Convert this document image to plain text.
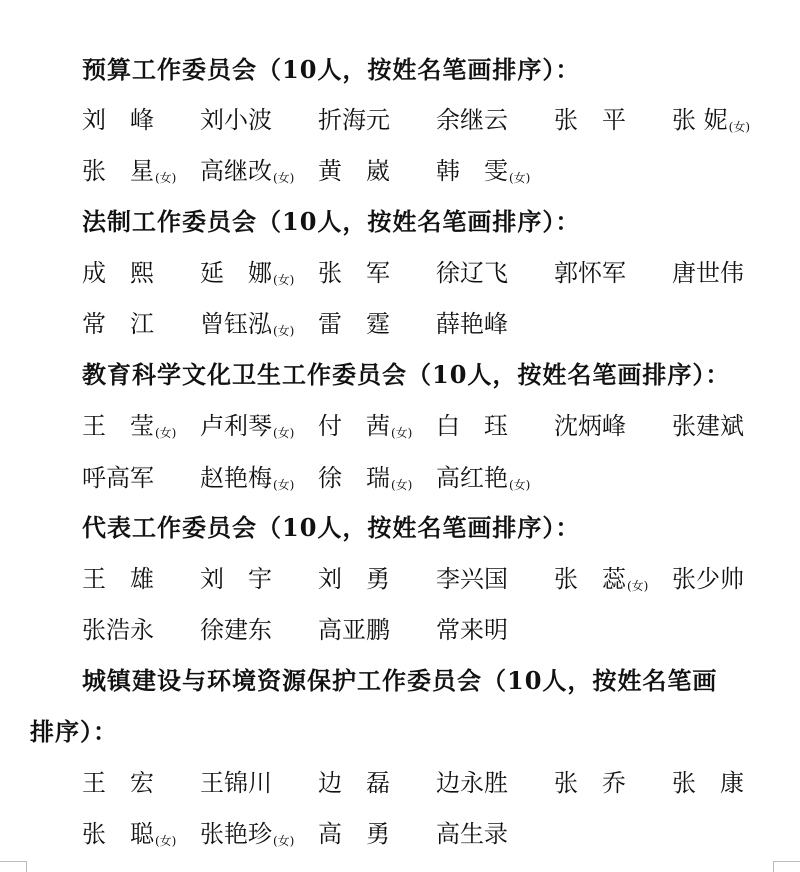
预算工作委员会（10人，按姓名笔画排序）：
刘　峰 刘小波 折海元 余继云 张　平 张 妮(女)
张　星(女) 高继改(女) 黄　崴 韩　雯(女)
法制工作委员会（10人，按姓名笔画排序）：
成　熙 延　娜(女) 张　军 徐辽飞 郭怀军 唐世伟
常　江 曾钰泓(女) 雷　霆 薛艳峰
教育科学文化卫生工作委员会（10人，按姓名笔画排序）：
王　莹(女) 卢利琴(女) 付　茜(女) 白　珏 沈炳峰 张建斌
呼高军 赵艳梅(女) 徐　瑞(女) 高红艳(女)
代表工作委员会（10人，按姓名笔画排序）：
王　雄 刘　宇 刘　勇 李兴国 张　蕊(女) 张少帅
张浩永 徐建东 高亚鹏 常来明
城镇建设与环境资源保护工作委员会（10人，按姓名笔画
排序）：
王　宏 王锦川 边　磊 边永胜 张　乔 张　康
张　聪(女) 张艳珍(女) 高　勇 高生录
